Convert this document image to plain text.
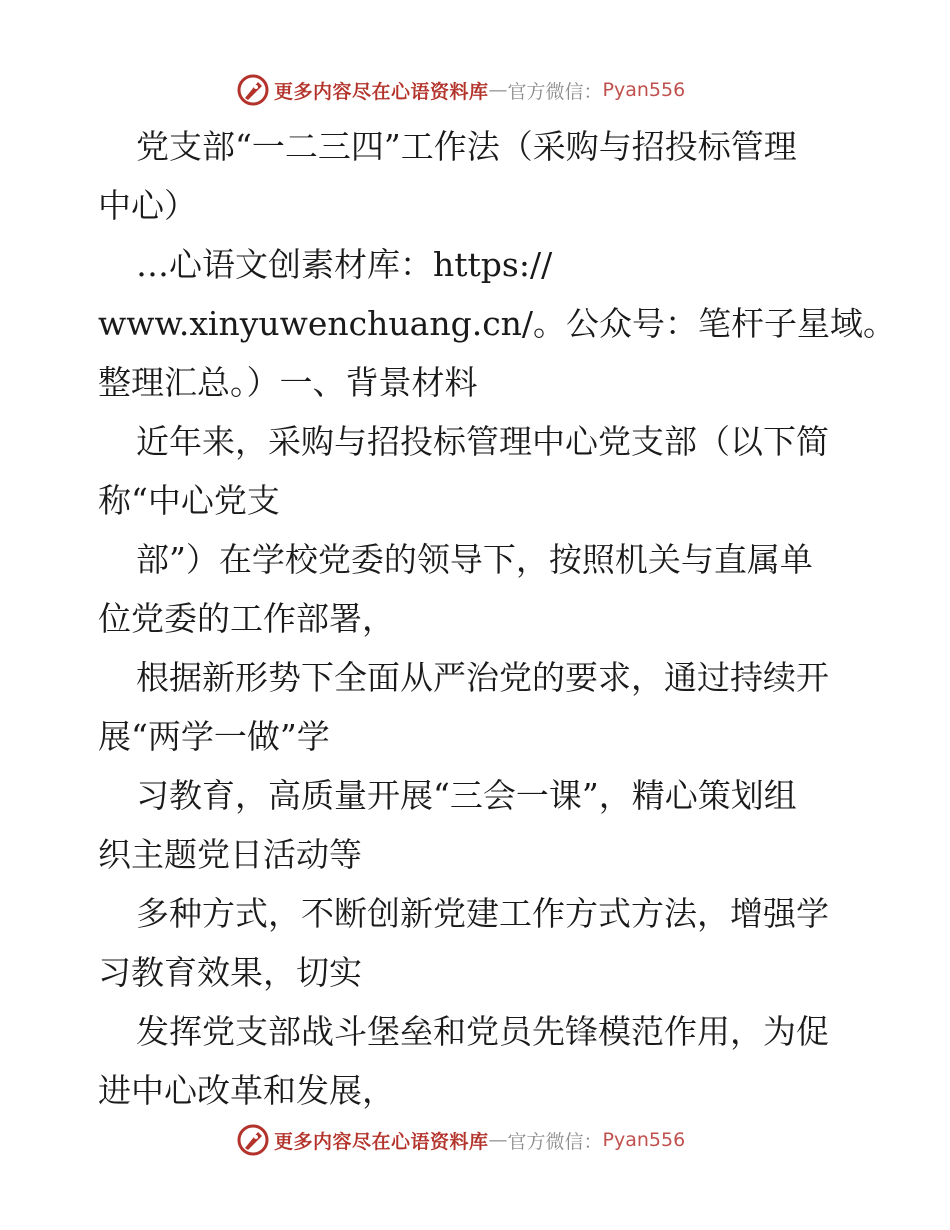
更多内容尽在心语资料库 — 官方微信： Pyan556
党支部“一二三四”工作法（采购与招投标管理
中心）
…心语文创素材库：https://
www.xinyuwenchuang.cn/。公众号：笔杆子星域。
整理汇总。）一、背景材料
近年来，采购与招投标管理中心党支部（以下简
称“中心党支
部”）在学校党委的领导下，按照机关与直属单
位党委的工作部署，
根据新形势下全面从严治党的要求，通过持续开
展“两学一做”学
习教育，高质量开展“三会一课”，精心策划组
织主题党日活动等
多种方式，不断创新党建工作方式方法，增强学
习教育效果，切实
发挥党支部战斗堡垒和党员先锋模范作用，为促
进中心改革和发展，
更多内容尽在心语资料库 — 官方微信： Pyan556
